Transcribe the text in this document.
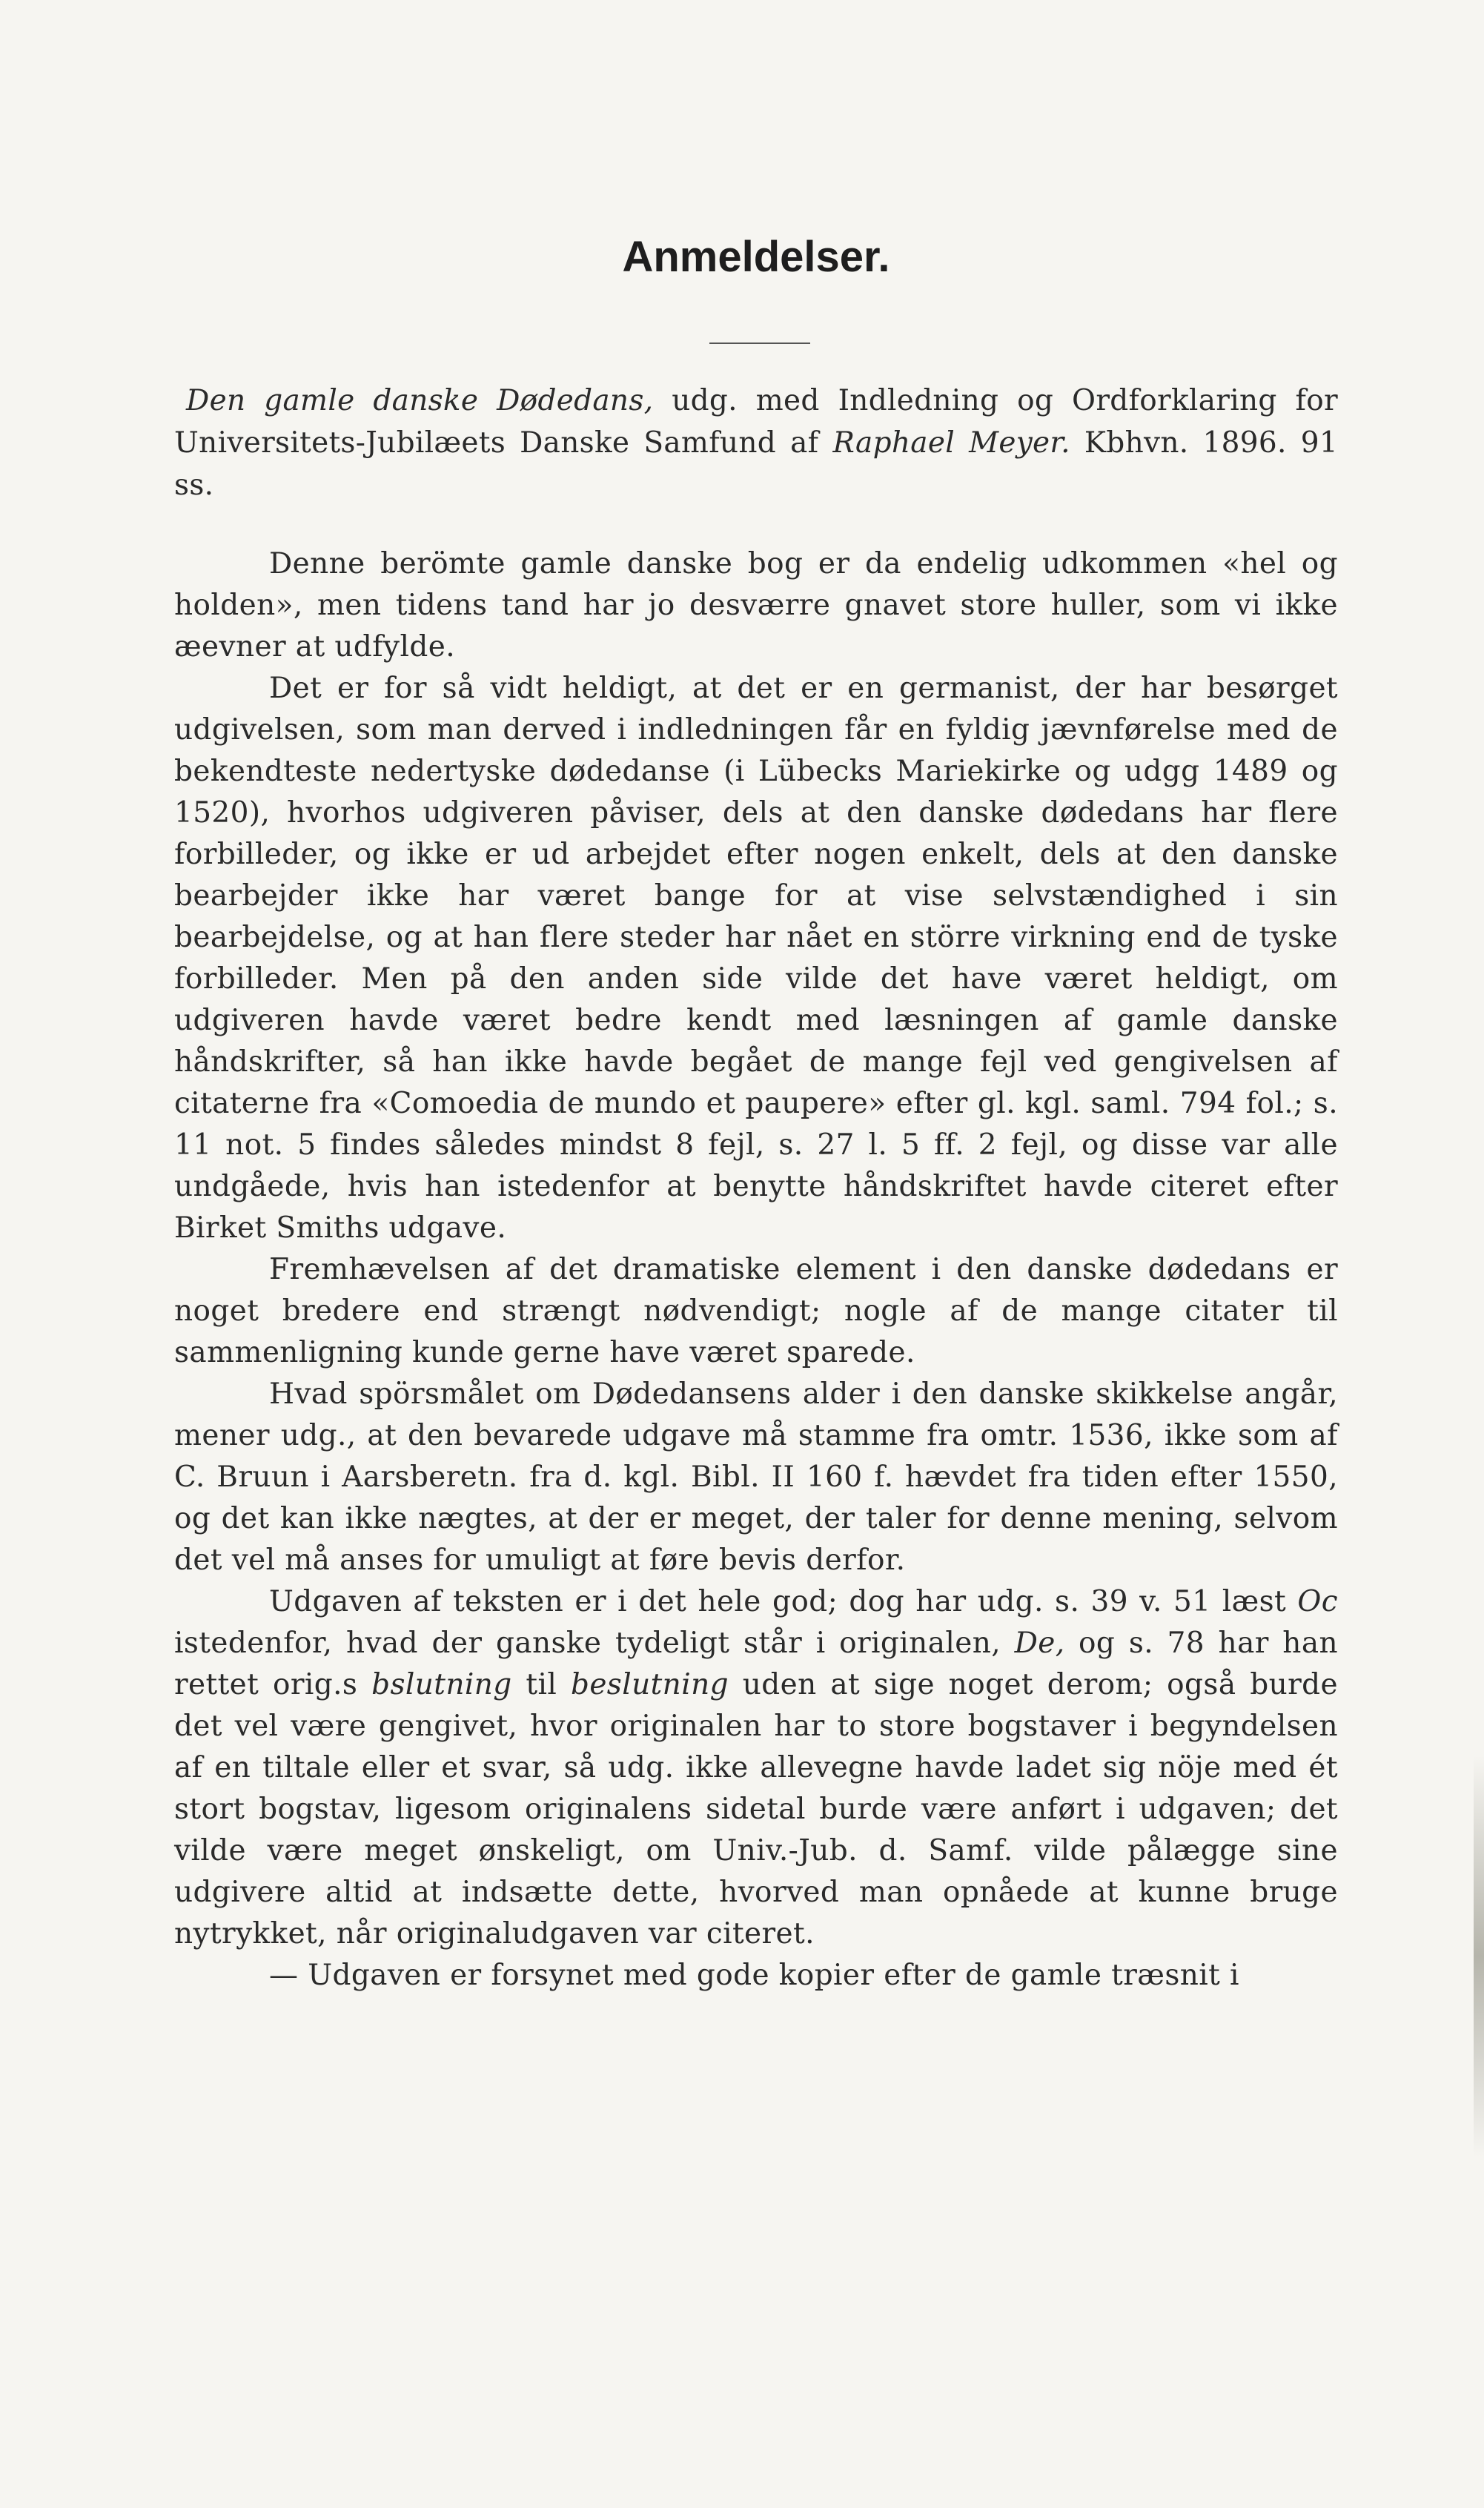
Anmeldelser.

Den gamle danske Dødedans, udg. med Indledning og Ordforklaring for Universitets-Jubilæets Danske Samfund af Raphael Meyer. Kbhvn. 1896. 91 ss.

Denne berömte gamle danske bog er da endelig udkommen «hel og holden», men tidens tand har jo desværre gnavet store huller, som vi ikke æevner at udfylde.

Det er for så vidt heldigt, at det er en germanist, der har besørget udgivelsen, som man derved i indledningen får en fyldig jævnførelse med de bekendteste nedertyske dødedanse (i Lübecks Mariekirke og udgg 1489 og 1520), hvorhos udgiveren påviser, dels at den danske dødedans har flere forbilleder, og ikke er ud arbejdet efter nogen enkelt, dels at den danske bearbejder ikke har været bange for at vise selvstændighed i sin bearbejdelse, og at han flere steder har nået en större virkning end de tyske forbilleder. Men på den anden side vilde det have været heldigt, om udgiveren havde været bedre kendt med læsningen af gamle danske håndskrifter, så han ikke havde begået de mange fejl ved gengivelsen af citaterne fra «Comoedia de mundo et paupere» efter gl. kgl. saml. 794 fol.; s. 11 not. 5 findes således mindst 8 fejl, s. 27 l. 5 ff. 2 fejl, og disse var alle undgåede, hvis han istedenfor at benytte håndskriftet havde citeret efter Birket Smiths udgave.

Fremhævelsen af det dramatiske element i den danske dødedans er noget bredere end strængt nødvendigt; nogle af de mange citater til sammenligning kunde gerne have været sparede.

Hvad spörsmålet om Dødedansens alder i den danske skikkelse angår, mener udg., at den bevarede udgave må stamme fra omtr. 1536, ikke som af C. Bruun i Aarsberetn. fra d. kgl. Bibl. II 160 f. hævdet fra tiden efter 1550, og det kan ikke nægtes, at der er meget, der taler for denne mening, selvom det vel må anses for umuligt at føre bevis derfor.

Udgaven af teksten er i det hele god; dog har udg. s. 39 v. 51 læst Oc istedenfor, hvad der ganske tydeligt står i originalen, De, og s. 78 har han rettet orig.s bslutning til beslutning uden at sige noget derom; også burde det vel være gengivet, hvor originalen har to store bogstaver i begyndelsen af en tiltale eller et svar, så udg. ikke allevegne havde ladet sig nöje med ét stort bogstav, ligesom originalens sidetal burde være anført i udgaven; det vilde være meget ønskeligt, om Univ.-Jub. d. Samf. vilde pålægge sine udgivere altid at indsætte dette, hvorved man opnåede at kunne bruge nytrykket, når originaludgaven var citeret.

— Udgaven er forsynet med gode kopier efter de gamle træsnit i
